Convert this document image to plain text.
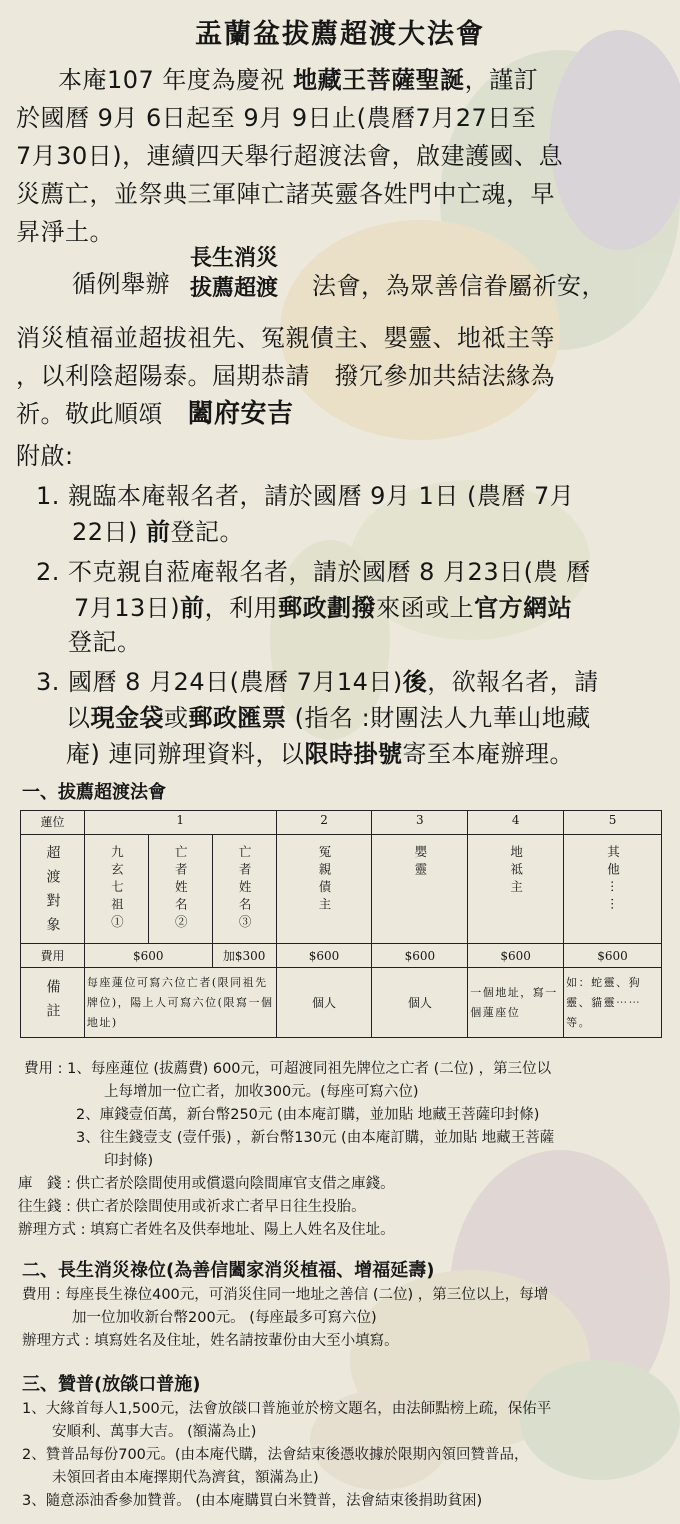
盂蘭盆拔薦超渡大法會
本庵107 年度為慶祝 地藏王菩薩聖誕，謹訂
於國曆 9月 6日起至 9月 9日止(農曆7月27日至
7月30日)，連續四天舉行超渡法會，啟建護國、息
災薦亡，並祭典三軍陣亡諸英靈各姓門中亡魂，早
昇淨土。
循例舉辦
長生消災
拔薦超渡 法會，為眾善信眷屬祈安，
消災植福並超拔祖先、冤親債主、嬰靈、地祗主等
，以利陰超陽泰。屆期恭請　撥冗參加共結法緣為
祈。敬此順頌　闔府安吉
附啟:
1. 親臨本庵報名者，請於國曆 9月 1日 (農曆 7月
22日) 前登記。
2. 不克親自蒞庵報名者，請於國曆 8 月23日(農 曆
7月13日)前，利用郵政劃撥來函或上官方網站
登記。
3. 國曆 8 月24日(農曆 7月14日)後，欲報名者，請
以現金袋或郵政匯票 (指名 :財團法人九華山地藏
庵) 連同辦理資料，以限時掛號寄至本庵辦理。
一、拔薦超渡法會
蓮位	1			2	3	4	5

超渡對象	九玄七祖①	亡者姓名②	亡者姓名③	冤親債主	嬰靈	地祗主	其他⋯⋯

費用	$600		加$300	$600	$600	$600	$600

備註	每座蓮位可寫六位亡者(限同祖先牌位)，陽上人可寫六位(限寫一個地址)			個人	個人	一個地址，寫一個蓮座位	如：蛇靈、狗靈、貓靈⋯⋯等。
費用 : 1、每座蓮位 (拔薦費) 600元，可超渡同祖先牌位之亡者 (二位) ，第三位以
上每增加一位亡者，加收300元。(每座可寫六位)
2、庫錢壹佰萬，新台幣250元 (由本庵訂購，並加貼 地藏王菩薩印封條)
3、往生錢壹支 (壹仟張) ，新台幣130元 (由本庵訂購，並加貼 地藏王菩薩
印封條)
庫　錢 : 供亡者於陰間使用或償還向陰間庫官支借之庫錢。
往生錢 : 供亡者於陰間使用或祈求亡者早日往生投胎。
辦理方式 : 填寫亡者姓名及供奉地址、陽上人姓名及住址。
二、長生消災祿位(為善信闔家消災植福、增福延壽)
費用 : 每座長生祿位400元，可消災住同一地址之善信 (二位) ，第三位以上，每增
加一位加收新台幣200元。 (每座最多可寫六位)
辦理方式 : 填寫姓名及住址，姓名請按輩份由大至小填寫。
三、贊普(放燄口普施)
1、大緣首每人1,500元，法會放燄口普施並於榜文題名，由法師點榜上疏，保佑平
安順利、萬事大吉。 (額滿為止)
2、贊普品每份700元。(由本庵代購，法會結束後憑收據於限期內領回贊普品，
未領回者由本庵擇期代為濟貧，額滿為止)
3、隨意添油香參加贊普。 (由本庵購買白米贊普，法會結束後捐助貧困)
